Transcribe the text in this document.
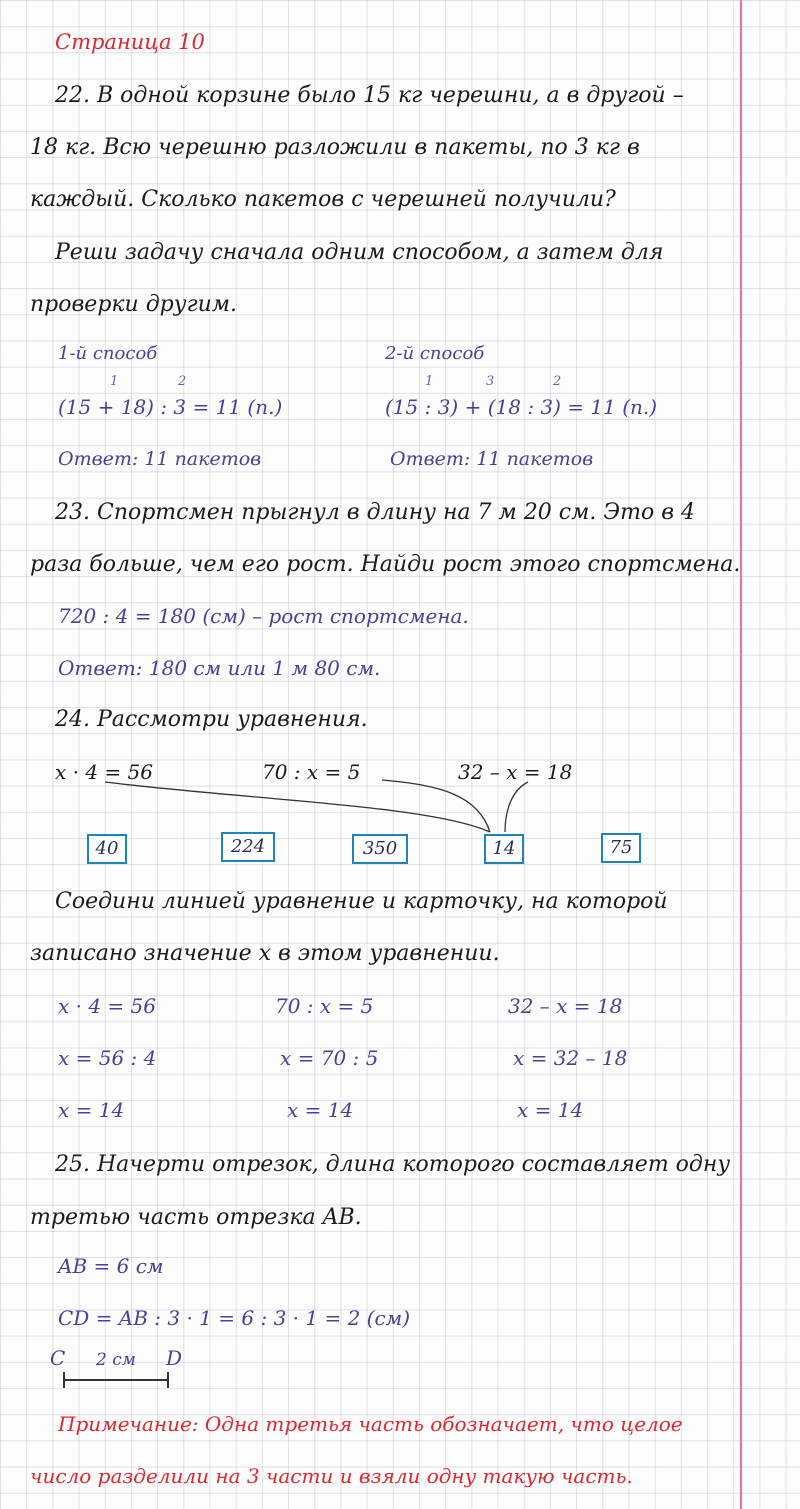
Страница 10
22. В одной корзине было 15 кг черешни, а в другой –
18 кг. Всю черешню разложили в пакеты, по 3 кг в
каждый. Сколько пакетов с черешней получили?
Реши задачу сначала одним способом, а затем для
проверки другим.
1-й способ
1	2
(15 + 18) : 3 = 11 (п.)
Ответ: 11 пакетов
2-й способ
1	3	2
(15 : 3) + (18 : 3) = 11 (п.)
Ответ: 11 пакетов
23. Спортсмен прыгнул в длину на 7 м 20 см. Это в 4
раза больше, чем его рост. Найди рост этого спортсмена.
720 : 4 = 180 (см) – рост спортсмена.
Ответ: 180 см или 1 м 80 см.
24. Рассмотри уравнения.
x · 4 = 56	70 : x = 5	32 – x = 18
40	224	350	14	75
Соедини линией уравнение и карточку, на которой
записано значение x в этом уравнении.
x · 4 = 56
x = 56 : 4
x = 14
70 : x = 5
x = 70 : 5
x = 14
32 – x = 18
x = 32 – 18
x = 14
25. Начерти отрезок, длина которого составляет одну
третью часть отрезка AB.
AB = 6 см
CD = AB : 3 · 1 = 6 : 3 · 1 = 2 (см)
C 2 см D
Примечание: Одна третья часть обозначает, что целое
число разделили на 3 части и взяли одну такую часть.
